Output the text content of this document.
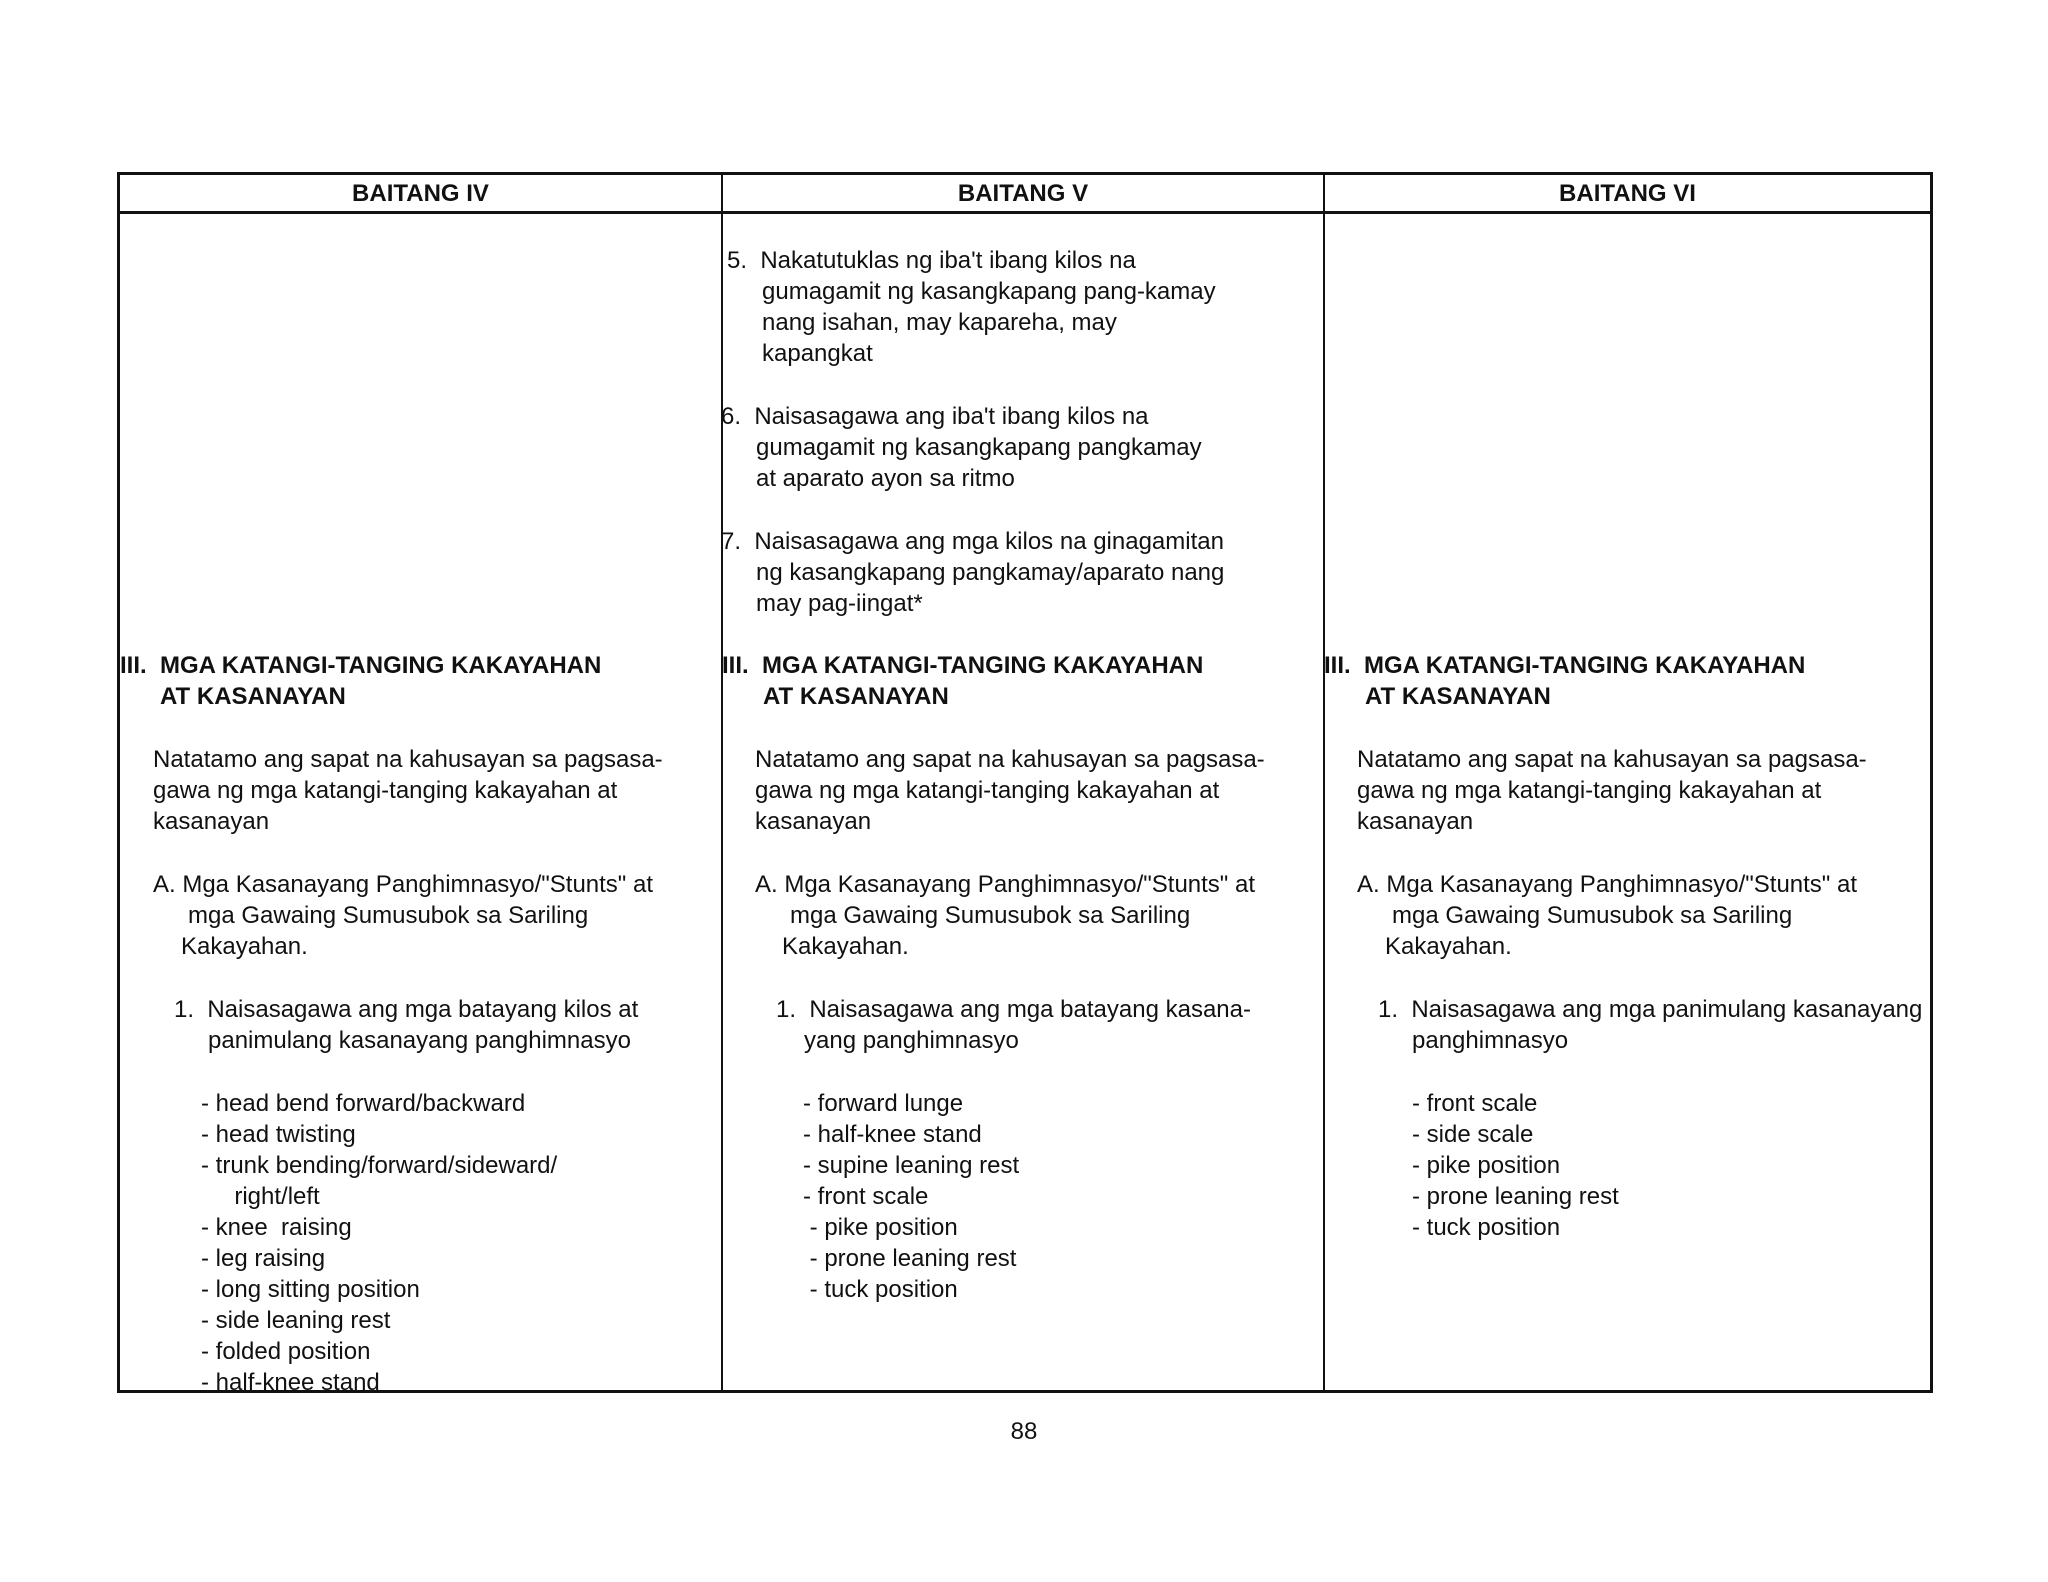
BAITANG IV	BAITANG V	BAITANG VI
5.  Nakatutuklas ng iba't ibang kilos na
gumagamit ng kasangkapang pang-kamay
nang isahan, may kapareha, may
kapangkat
6.  Naisasagawa ang iba't ibang kilos na
gumagamit ng kasangkapang pangkamay
at aparato ayon sa ritmo
7.  Naisasagawa ang mga kilos na ginagamitan
ng kasangkapang pangkamay/aparato nang
may pag-iingat*
III.  MGA KATANGI-TANGING KAKAYAHAN
AT KASANAYAN
Natatamo ang sapat na kahusayan sa pagsasa-
gawa ng mga katangi-tanging kakayahan at
kasanayan
A. Mga Kasanayang Panghimnasyo/"Stunts" at
mga Gawaing Sumusubok sa Sariling
Kakayahan.
1.  Naisasagawa ang mga batayang kilos at
panimulang kasanayang panghimnasyo
- head bend forward/backward
- head twisting
- trunk bending/forward/sideward/
right/left
- knee  raising
- leg raising
- long sitting position
- side leaning rest
- folded position
- half-knee stand
III.  MGA KATANGI-TANGING KAKAYAHAN
AT KASANAYAN
Natatamo ang sapat na kahusayan sa pagsasa-
gawa ng mga katangi-tanging kakayahan at
kasanayan
A. Mga Kasanayang Panghimnasyo/"Stunts" at
mga Gawaing Sumusubok sa Sariling
Kakayahan.
1.  Naisasagawa ang mga batayang kasana-
yang panghimnasyo
- forward lunge
- half-knee stand
- supine leaning rest
- front scale
- pike position
- prone leaning rest
- tuck position
III.  MGA KATANGI-TANGING KAKAYAHAN
AT KASANAYAN
Natatamo ang sapat na kahusayan sa pagsasa-
gawa ng mga katangi-tanging kakayahan at
kasanayan
A. Mga Kasanayang Panghimnasyo/"Stunts" at
mga Gawaing Sumusubok sa Sariling
Kakayahan.
1.  Naisasagawa ang mga panimulang kasanayang
panghimnasyo
- front scale
- side scale
- pike position
- prone leaning rest
- tuck position
88
